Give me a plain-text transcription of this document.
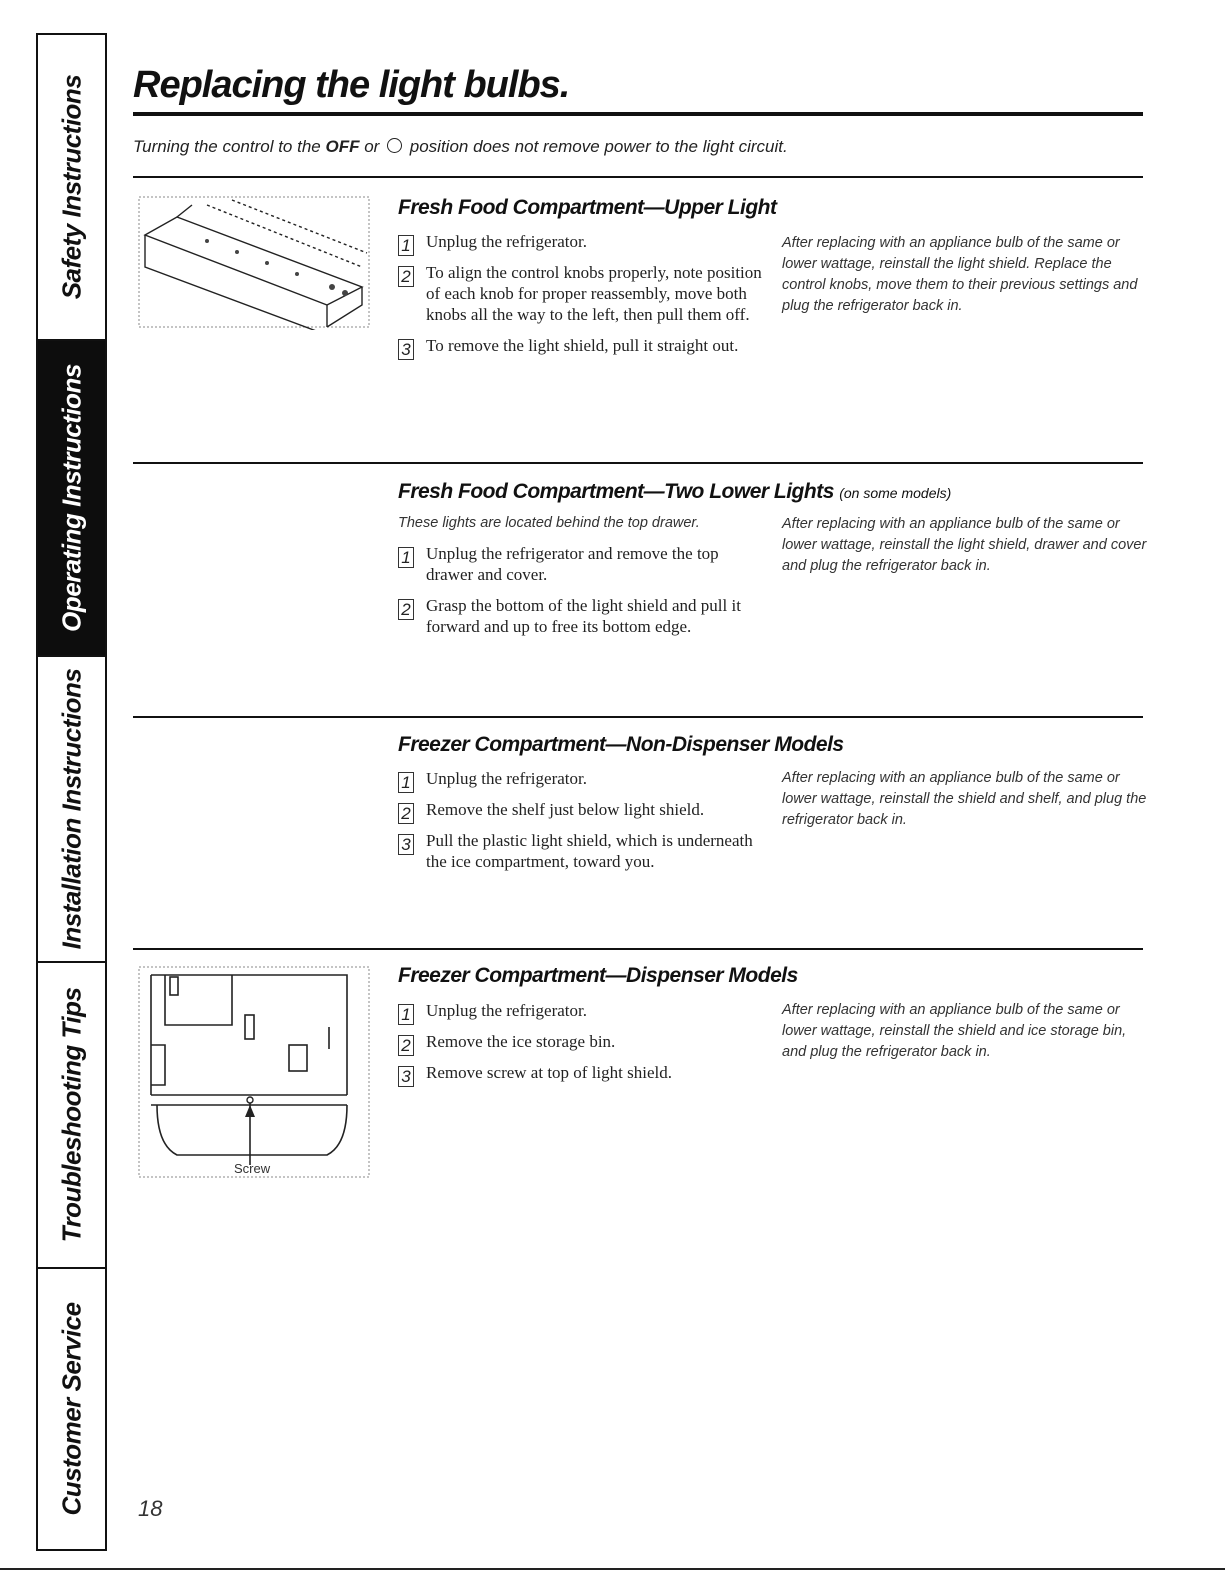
Safety Instructions
Operating Instructions
Installation Instructions
Troubleshooting Tips
Customer Service
Replacing the light bulbs.
Turning the control to the OFF or  position does not remove power to the light circuit.
Fresh Food Compartment—Upper Light
1 Unplug the refrigerator.
2 To align the control knobs properly, note position of each knob for proper reassembly, move both knobs all the way to the left, then pull them off.
3 To remove the light shield, pull it straight out.
After replacing with an appliance bulb of the same or lower wattage, reinstall the light shield. Replace the control knobs, move them to their previous settings and plug the refrigerator back in.
Fresh Food Compartment—Two Lower Lights (on some models)
These lights are located behind the top drawer.
1 Unplug the refrigerator and remove the top drawer and cover.
2 Grasp the bottom of the light shield and pull it forward and up to free its bottom edge.
After replacing with an appliance bulb of the same or lower wattage, reinstall the light shield, drawer and cover and plug the refrigerator back in.
Freezer Compartment—Non-Dispenser Models
1 Unplug the refrigerator.
2 Remove the shelf just below light shield.
3 Pull the plastic light shield, which is underneath the ice compartment, toward you.
After replacing with an appliance bulb of the same or lower wattage, reinstall the shield and shelf, and plug the refrigerator back in.
Screw
Freezer Compartment—Dispenser Models
1 Unplug the refrigerator.
2 Remove the ice storage bin.
3 Remove screw at top of light shield.
After replacing with an appliance bulb of the same or lower wattage, reinstall the shield and ice storage bin, and plug the refrigerator back in.
18
